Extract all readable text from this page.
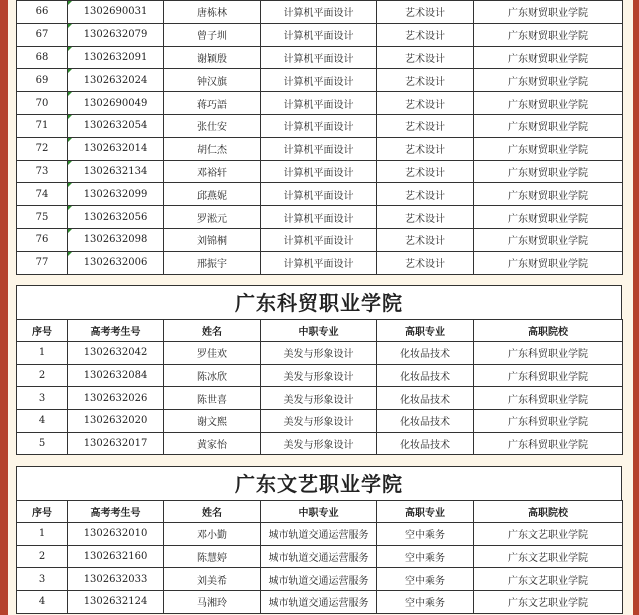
66	1302690031	唐栋林	计算机平面设计	艺术设计	广东财贸职业学院
67	1302632079	曾子圳	计算机平面设计	艺术设计	广东财贸职业学院
68	1302632091	谢颖殷	计算机平面设计	艺术设计	广东财贸职业学院
69	1302632024	钟汉旗	计算机平面设计	艺术设计	广东财贸职业学院
70	1302690049	蒋巧語	计算机平面设计	艺术设计	广东财贸职业学院
71	1302632054	张仕安	计算机平面设计	艺术设计	广东财贸职业学院
72	1302632014	胡仁杰	计算机平面设计	艺术设计	广东财贸职业学院
73	1302632134	邓裕轩	计算机平面设计	艺术设计	广东财贸职业学院
74	1302632099	邱燕妮	计算机平面设计	艺术设计	广东财贸职业学院
75	1302632056	罗淞元	计算机平面设计	艺术设计	广东财贸职业学院
76	1302632098	刘锦桐	计算机平面设计	艺术设计	广东财贸职业学院
77	1302632006	邢振宇	计算机平面设计	艺术设计	广东财贸职业学院
广东科贸职业学院
序号	高考考生号	姓名	中职专业	高职专业	高职院校
1	1302632042	罗佳欢	美发与形象设计	化妆品技术	广东科贸职业学院
2	1302632084	陈冰欣	美发与形象设计	化妆品技术	广东科贸职业学院
3	1302632026	陈世喜	美发与形象设计	化妆品技术	广东科贸职业学院
4	1302632020	谢文熙	美发与形象设计	化妆品技术	广东科贸职业学院
5	1302632017	黄家怡	美发与形象设计	化妆品技术	广东科贸职业学院
广东文艺职业学院
序号	高考考生号	姓名	中职专业	高职专业	高职院校
1	1302632010	邓小勤	城市轨道交通运营服务	空中乘务	广东文艺职业学院
2	1302632160	陈慧婷	城市轨道交通运营服务	空中乘务	广东文艺职业学院
3	1302632033	刘美希	城市轨道交通运营服务	空中乘务	广东文艺职业学院
4	1302632124	马湘玲	城市轨道交通运营服务	空中乘务	广东文艺职业学院
